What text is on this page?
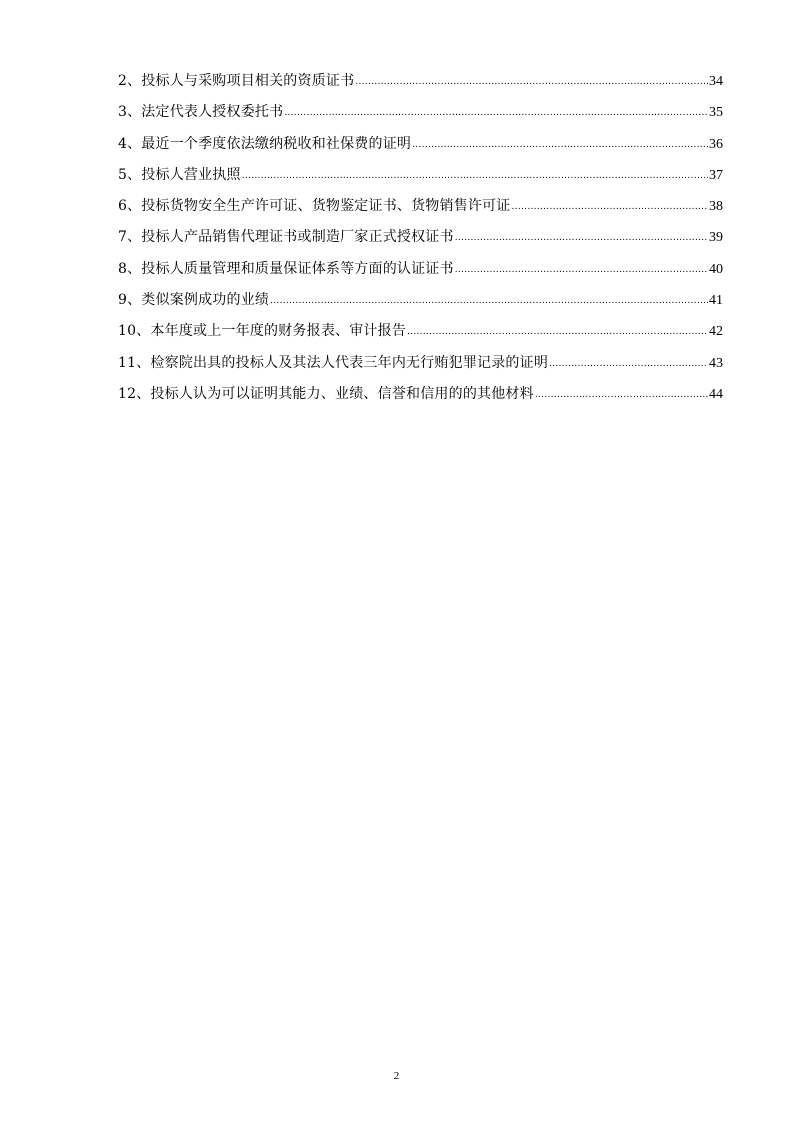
2、投标人与采购项目相关的资质证书 .....	34
3、法定代表人授权委托书 .....	35
4、最近一个季度依法缴纳税收和社保费的证明 .....	36
5、投标人营业执照 .....	37
6、投标货物安全生产许可证、货物鉴定证书、货物销售许可证 .....	38
7、投标人产品销售代理证书或制造厂家正式授权证书 .....	39
8、投标人质量管理和质量保证体系等方面的认证证书 .....	40
9、类似案例成功的业绩 .....	41
10、本年度或上一年度的财务报表、审计报告 .....	42
11、检察院出具的投标人及其法人代表三年内无行贿犯罪记录的证明 .....	43
12、投标人认为可以证明其能力、业绩、信誉和信用的的其他材料 .....	44
2
